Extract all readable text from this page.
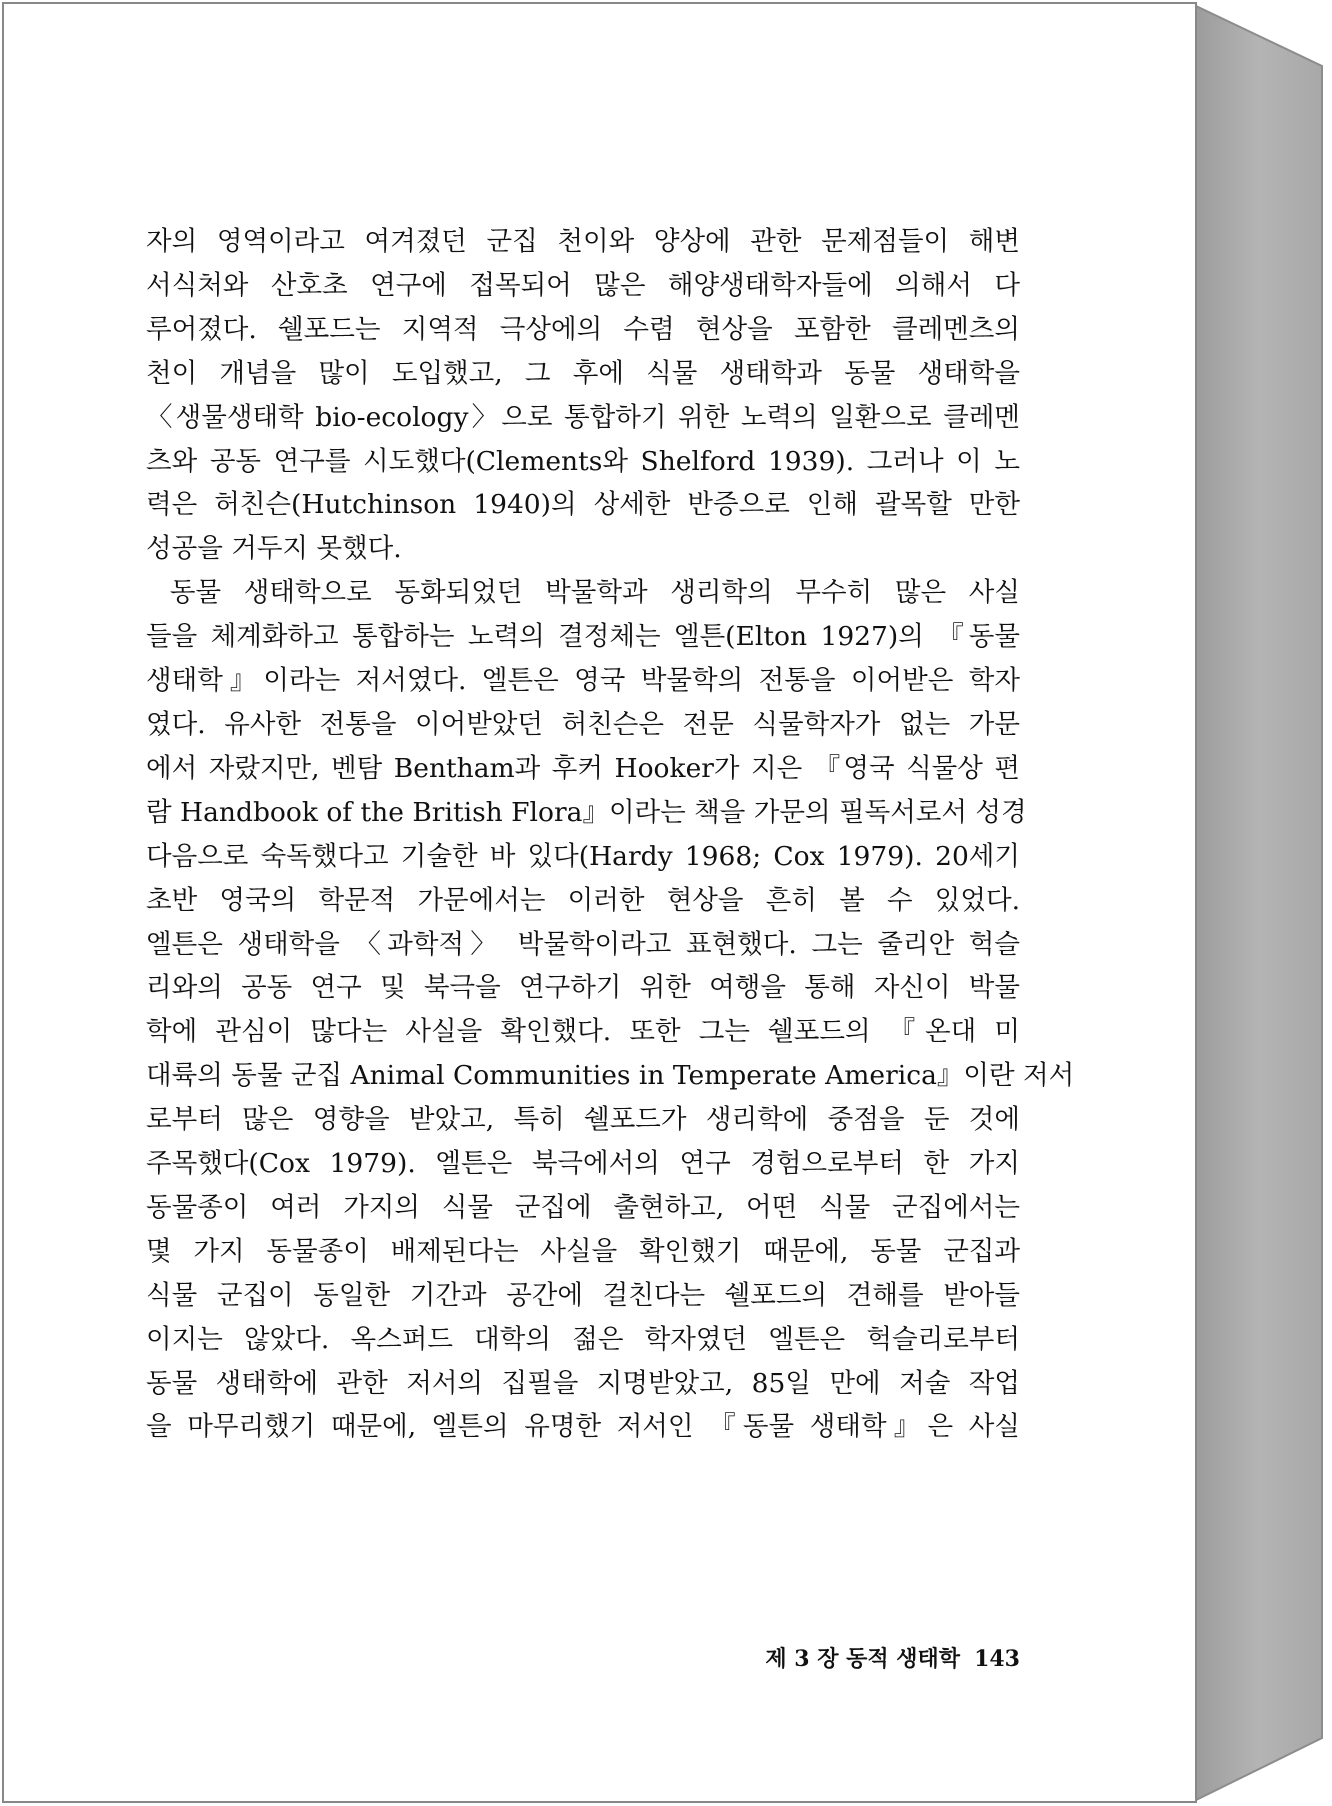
자의 영역이라고 여겨졌던 군집 천이와 양상에 관한 문제점들이 해변
서식처와 산호초 연구에 접목되어 많은 해양생태학자들에 의해서 다
루어졌다. 쉘포드는 지역적 극상에의 수렴 현상을 포함한 클레멘츠의
천이 개념을 많이 도입했고, 그 후에 식물 생태학과 동물 생태학을
〈생물생태학 bio-ecology〉으로 통합하기 위한 노력의 일환으로 클레멘
츠와 공동 연구를 시도했다(Clements와 Shelford 1939). 그러나 이 노
력은 허친슨(Hutchinson 1940)의 상세한 반증으로 인해 괄목할 만한
성공을 거두지 못했다.

동물 생태학으로 동화되었던 박물학과 생리학의 무수히 많은 사실
들을 체계화하고 통합하는 노력의 결정체는 엘튼(Elton 1927)의 『동물
생태학』이라는 저서였다. 엘튼은 영국 박물학의 전통을 이어받은 학자
였다. 유사한 전통을 이어받았던 허친슨은 전문 식물학자가 없는 가문
에서 자랐지만, 벤탐 Bentham과 후커 Hooker가 지은 『영국 식물상 편
람 Handbook of the British Flora』이라는 책을 가문의 필독서로서 성경
다음으로 숙독했다고 기술한 바 있다(Hardy 1968; Cox 1979). 20세기
초반 영국의 학문적 가문에서는 이러한 현상을 흔히 볼 수 있었다.
엘튼은 생태학을 〈과학적〉 박물학이라고 표현했다. 그는 줄리안 헉슬
리와의 공동 연구 및 북극을 연구하기 위한 여행을 통해 자신이 박물
학에 관심이 많다는 사실을 확인했다. 또한 그는 쉘포드의 『온대 미
대륙의 동물 군집 Animal Communities in Temperate America』이란 저서
로부터 많은 영향을 받았고, 특히 쉘포드가 생리학에 중점을 둔 것에
주목했다(Cox 1979). 엘튼은 북극에서의 연구 경험으로부터 한 가지
동물종이 여러 가지의 식물 군집에 출현하고, 어떤 식물 군집에서는
몇 가지 동물종이 배제된다는 사실을 확인했기 때문에, 동물 군집과
식물 군집이 동일한 기간과 공간에 걸친다는 쉘포드의 견해를 받아들
이지는 않았다. 옥스퍼드 대학의 젊은 학자였던 엘튼은 헉슬리로부터
동물 생태학에 관한 저서의 집필을 지명받았고, 85일 만에 저술 작업
을 마무리했기 때문에, 엘튼의 유명한 저서인 『동물 생태학』은 사실

제 3 장 동적 생태학 143
